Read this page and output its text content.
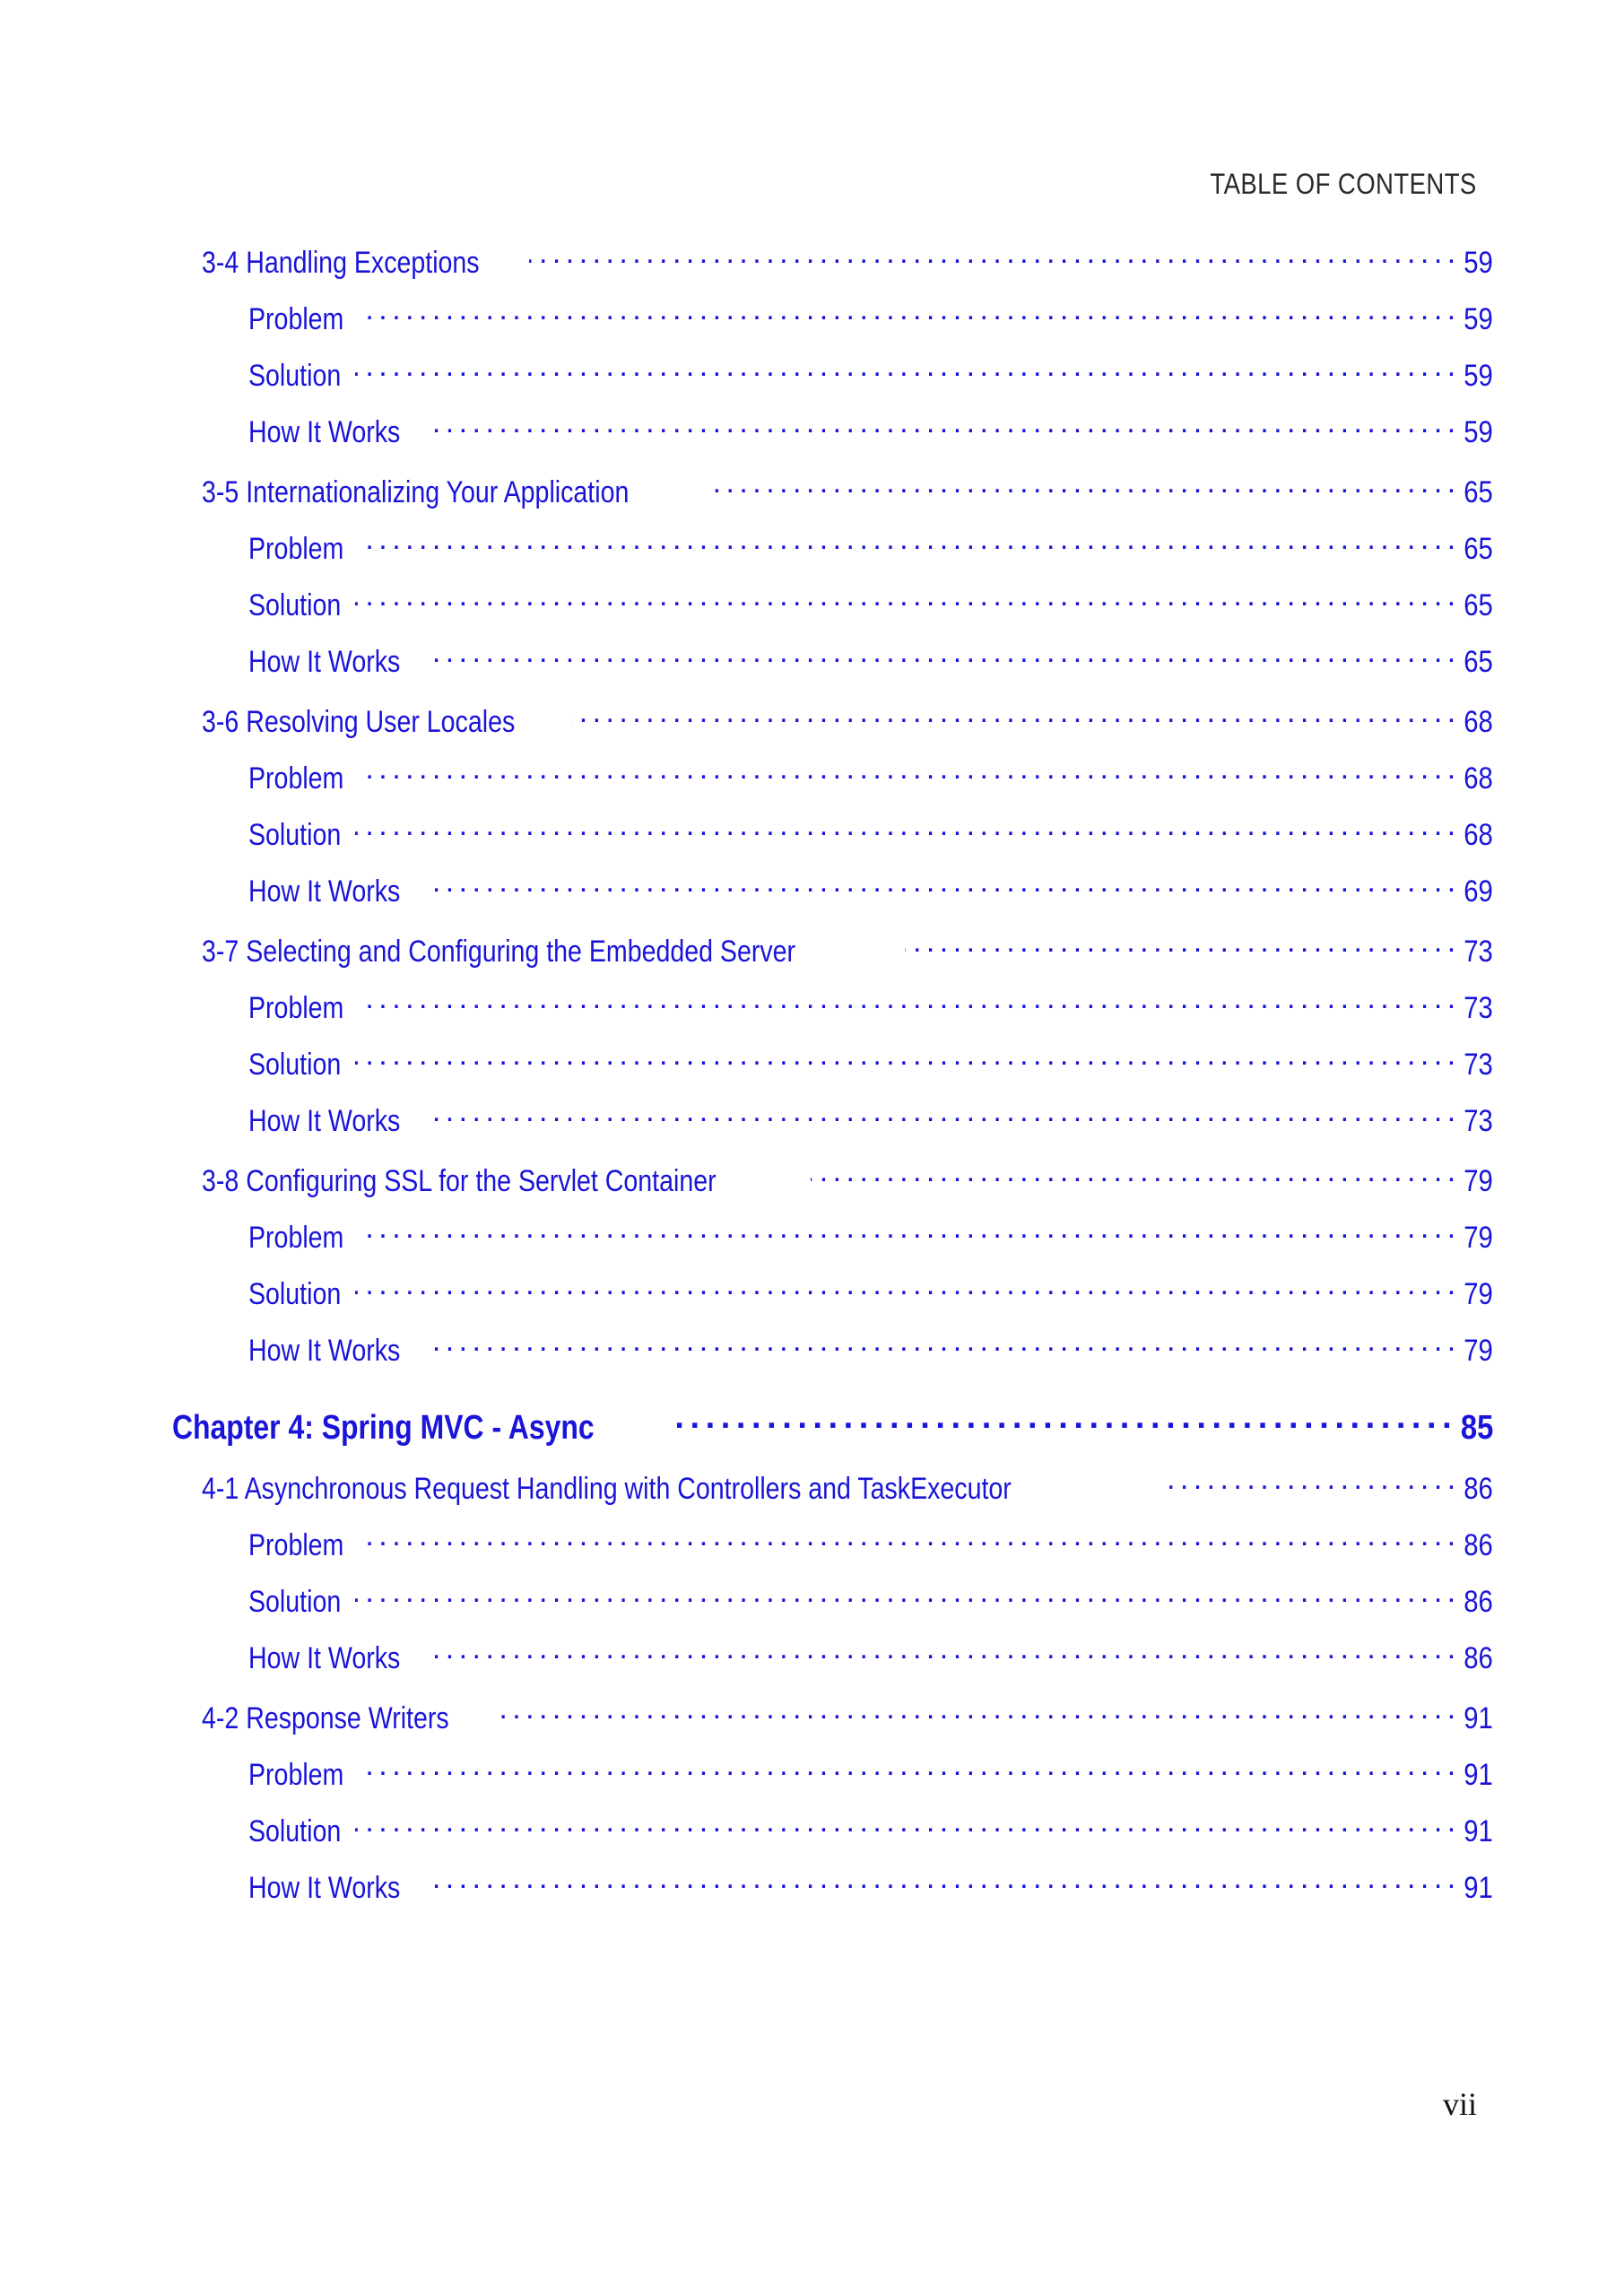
TABLE OF CONTENTS
3-4 Handling Exceptions . . .	59
Problem . . .	59
Solution . . .	59
How It Works . . .	59
3-5 Internationalizing Your Application . . .	65
Problem . . .	65
Solution . . .	65
How It Works . . .	65
3-6 Resolving User Locales . . .	68
Problem . . .	68
Solution . . .	68
How It Works . . .	69
3-7 Selecting and Configuring the Embedded Server . . .	73
Problem . . .	73
Solution . . .	73
How It Works . . .	73
3-8 Configuring SSL for the Servlet Container . . .	79
Problem . . .	79
Solution . . .	79
How It Works . . .	79
Chapter 4: Spring MVC - Async . . .	85
4-1 Asynchronous Request Handling with Controllers and TaskExecutor . . .	86
Problem . . .	86
Solution . . .	86
How It Works . . .	86
4-2 Response Writers . . .	91
Problem . . .	91
Solution . . .	91
How It Works . . .	91
vii
